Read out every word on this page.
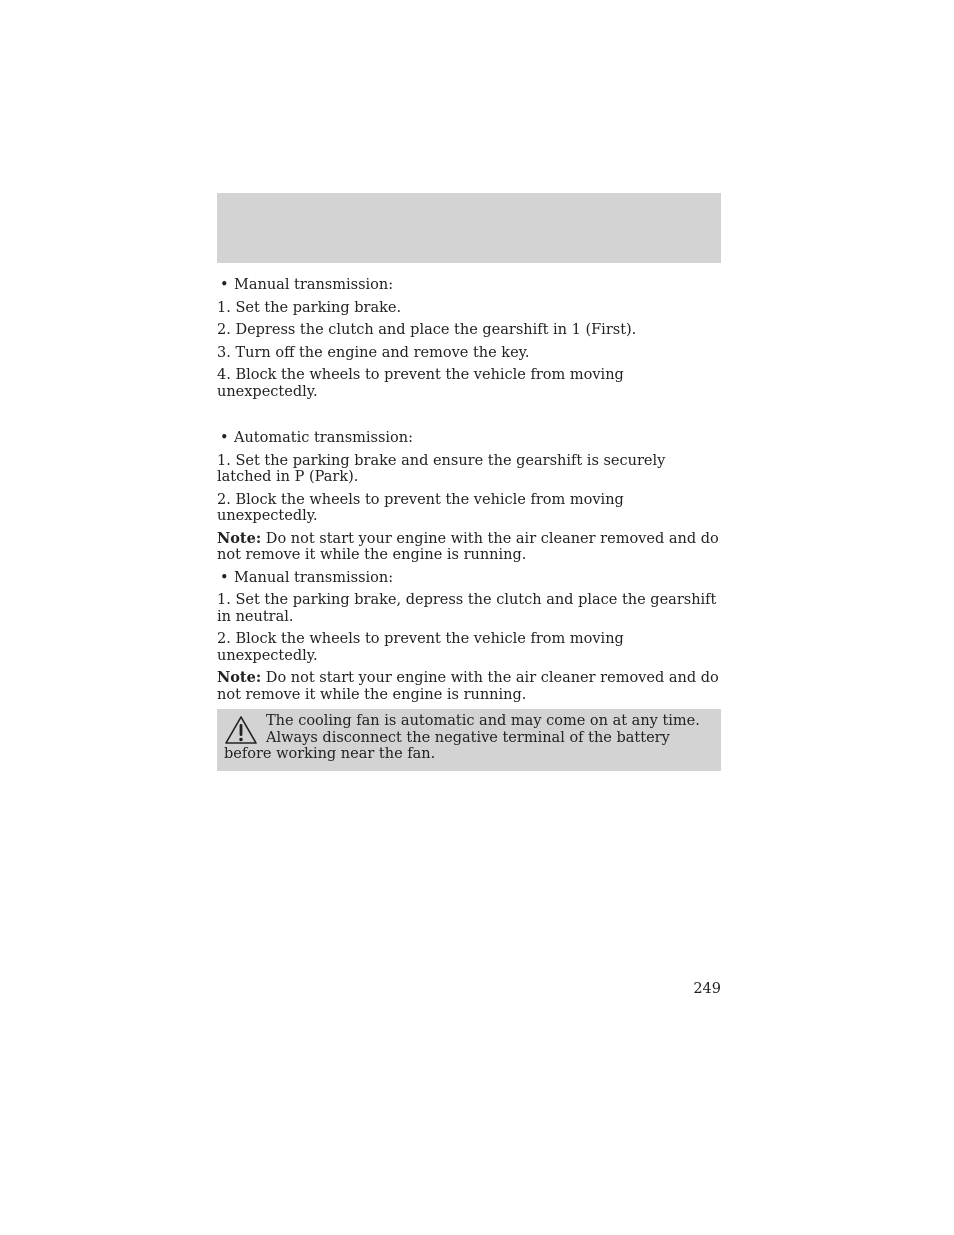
• Manual transmission:
1. Set the parking brake.
2. Depress the clutch and place the gearshift in 1 (First).
3. Turn off the engine and remove the key.
4. Block the wheels to prevent the vehicle from moving unexpectedly.
• Automatic transmission:
1. Set the parking brake and ensure the gearshift is securely latched in P (Park).
2. Block the wheels to prevent the vehicle from moving unexpectedly.
Note: Do not start your engine with the air cleaner removed and do not remove it while the engine is running.
• Manual transmission:
1. Set the parking brake, depress the clutch and place the gearshift in neutral.
2. Block the wheels to prevent the vehicle from moving unexpectedly.
Note: Do not start your engine with the air cleaner removed and do not remove it while the engine is running.
The cooling fan is automatic and may come on at any time. Always disconnect the negative terminal of the battery before working near the fan.
249
